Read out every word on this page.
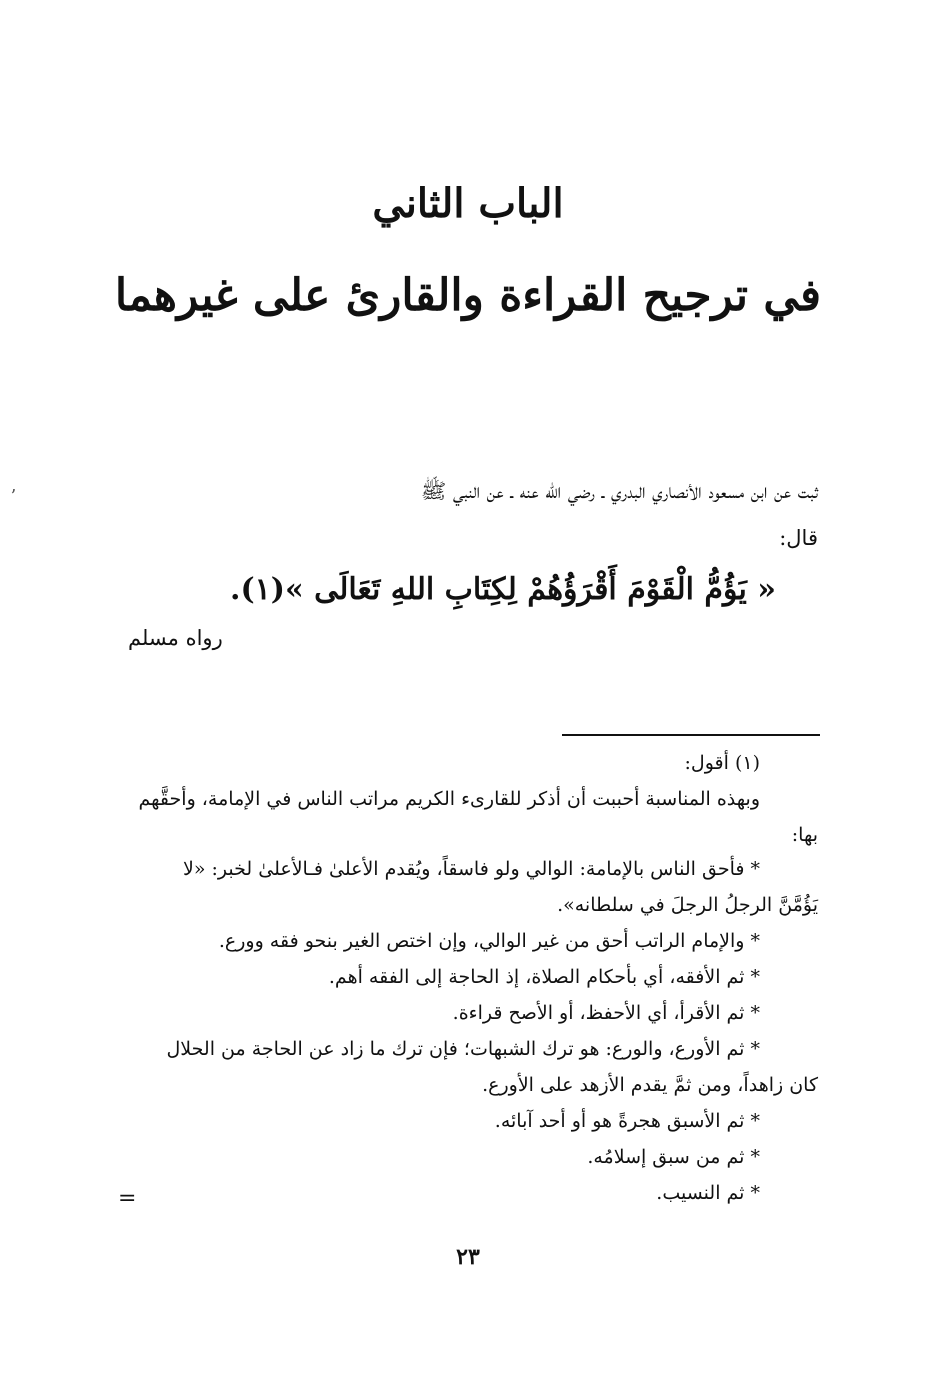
الباب الثاني
في ترجيح القراءة والقارئ على غيرهما
ثبت عن ابن مسعود الأنصاري البدري ـ رضي الله عنه ـ عن النبي ﷺ
قال:
« يَؤُمُّ الْقَوْمَ أَقْرَؤُهُمْ لِكِتَابِ اللهِ تَعَالَى »(١).
رواه مسلم
(١) أقول:
وبهذه المناسبة أحببت أن أذكر للقارىء الكريم مراتب الناس في الإمامة، وأحقَّهم
بها:
* فأحق الناس بالإمامة: الوالي ولو فاسقاً، ويُقدم الأعلىٰ فـالأعلىٰ لخبر: «لا
يَؤُمَّنَّ الرجلُ الرجلَ في سلطانه».
* والإمام الراتب أحق من غير الوالي، وإن اختص الغير بنحو فقه وورع.
* ثم الأفقه، أي بأحكام الصلاة، إذ الحاجة إلى الفقه أهم.
* ثم الأقرأ، أي الأحفظ، أو الأصح قراءة.
* ثم الأورع، والورع: هو ترك الشبهات؛ فإن ترك ما زاد عن الحاجة من الحلال
كان زاهداً، ومن ثمَّ يقدم الأزهد على الأورع.
* ثم الأسبق هجرةً هو أو أحد آبائه.
* ثم من سبق إسلامُه.
* ثم النسيب.
=
٢٣
ʼ
